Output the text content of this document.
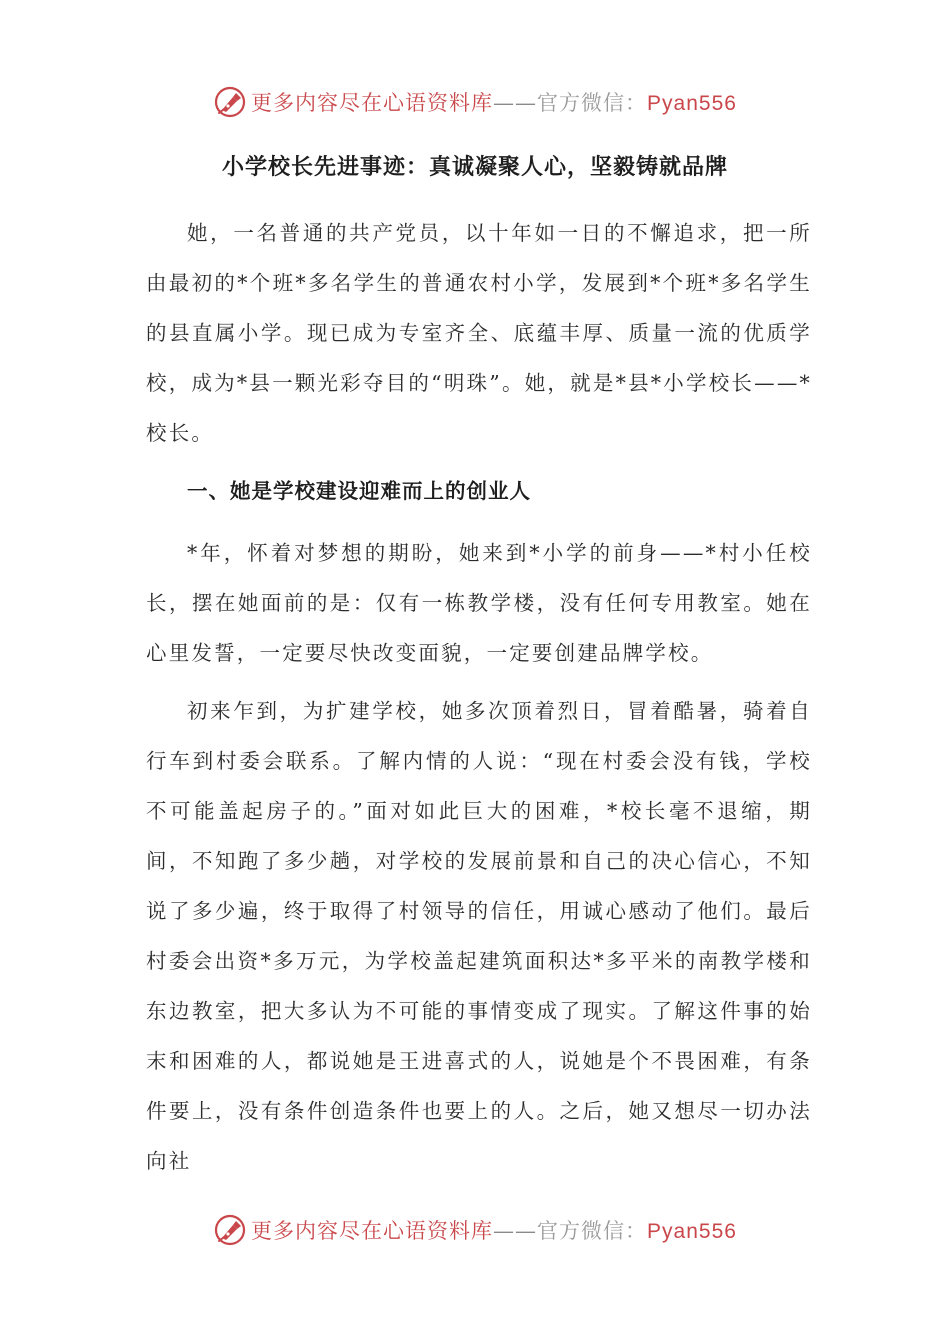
更多内容尽在心语资料库——官方微信：Pyan556
小学校长先进事迹：真诚凝聚人心，坚毅铸就品牌

她，一名普通的共产党员，以十年如一日的不懈追求，把一所由最初的*个班*多名学生的普通农村小学，发展到*个班*多名学生的县直属小学。现已成为专室齐全、底蕴丰厚、质量一流的优质学校，成为*县一颗光彩夺目的“明珠”。她，就是*县*小学校长——*校长。

一、她是学校建设迎难而上的创业人

*年，怀着对梦想的期盼，她来到*小学的前身——*村小任校长，摆在她面前的是：仅有一栋教学楼，没有任何专用教室。她在心里发誓，一定要尽快改变面貌，一定要创建品牌学校。

初来乍到，为扩建学校，她多次顶着烈日，冒着酷暑，骑着自行车到村委会联系。了解内情的人说：“现在村委会没有钱，学校不可能盖起房子的。”面对如此巨大的困难，*校长毫不退缩，期间，不知跑了多少趟，对学校的发展前景和自己的决心信心，不知说了多少遍，终于取得了村领导的信任，用诚心感动了他们。最后村委会出资*多万元，为学校盖起建筑面积达*多平米的南教学楼和东边教室，把大多认为不可能的事情变成了现实。了解这件事的始末和困难的人，都说她是王进喜式的人，说她是个不畏困难，有条件要上，没有条件创造条件也要上的人。之后，她又想尽一切办法向社

更多内容尽在心语资料库——官方微信：Pyan556
